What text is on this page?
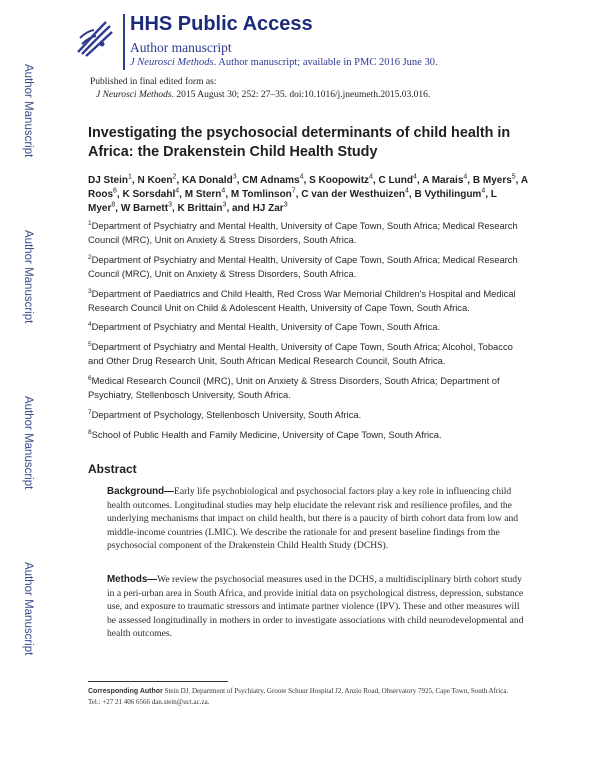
Author Manuscript
Author Manuscript
Author Manuscript
Author Manuscript
HHS Public Access
Author manuscript
J Neurosci Methods. Author manuscript; available in PMC 2016 June 30.
Published in final edited form as:
J Neurosci Methods. 2015 August 30; 252: 27–35. doi:10.1016/j.jneumeth.2015.03.016.
Investigating the psychosocial determinants of child health in Africa: the Drakenstein Child Health Study
DJ Stein$^1$, N Koen$^2$, KA Donald$^3$, CM Adnams$^4$, S Koopowitz$^4$, C Lund$^4$, A Marais$^4$, B Myers$^5$, A Roos$^6$, K Sorsdahl$^4$, M Stern$^4$, M Tomlinson$^7$, C van der Westhuizen$^4$, B Vythilingum$^4$, L Myer$^8$, W Barnett$^3$, K Brittain$^3$, and HJ Zar$^3$
$^1$Department of Psychiatry and Mental Health, University of Cape Town, South Africa; Medical Research Council (MRC), Unit on Anxiety & Stress Disorders, South Africa.
$^2$Department of Psychiatry and Mental Health, University of Cape Town, South Africa; Medical Research Council (MRC), Unit on Anxiety & Stress Disorders, South Africa.
$^3$Department of Paediatrics and Child Health, Red Cross War Memorial Children's Hospital and Medical Research Council Unit on Child & Adolescent Health, University of Cape Town, South Africa.
$^4$Department of Psychiatry and Mental Health, University of Cape Town, South Africa.
$^5$Department of Psychiatry and Mental Health, University of Cape Town, South Africa; Alcohol, Tobacco and Other Drug Research Unit, South African Medical Research Council, South Africa.
$^6$Medical Research Council (MRC), Unit on Anxiety & Stress Disorders, South Africa; Department of Psychiatry, Stellenbosch University, South Africa.
$^7$Department of Psychology, Stellenbosch University, South Africa.
$^8$School of Public Health and Family Medicine, University of Cape Town, South Africa.
Abstract
Background—Early life psychobiological and psychosocial factors play a key role in influencing child health outcomes. Longitudinal studies may help elucidate the relevant risk and resilience profiles, and the underlying mechanisms that impact on child health, but there is a paucity of birth cohort data from low and middle-income countries (LMIC). We describe the rationale for and present baseline findings from the psychosocial component of the Drakenstein Child Health Study (DCHS).
Methods—We review the psychosocial measures used in the DCHS, a multidisciplinary birth cohort study in a peri-urban area in South Africa, and provide initial data on psychological distress, depression, substance use, and exposure to traumatic stressors and intimate partner violence (IPV). These and other measures will be assessed longitudinally in mothers in order to investigate associations with child neurodevelopmental and health outcomes.
Corresponding Author Stein DJ. Department of Psychiatry, Groote Schuur Hospital J2, Anzio Road, Observatory 7925, Cape Town, South Africa. Tel.: +27 21 406 6566 dan.stein@uct.ac.za.
